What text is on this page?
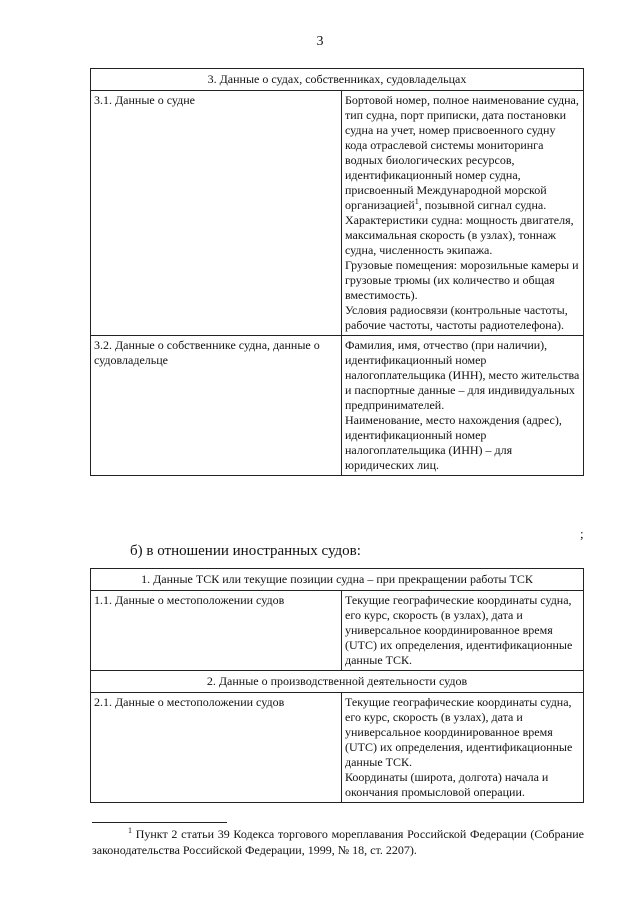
3
3. Данные о судах, собственниках, судовладельцах	
3.1. Данные о судне	Бортовой номер, полное наименование судна, тип судна, порт приписки, дата постановки судна на учет, номер присвоенного судну кода отраслевой системы мониторинга водных биологических ресурсов, идентификационный номер судна, присвоенный Международной морской организацией$^1$, позывной сигнал судна.
Характеристики судна: мощность двигателя, максимальная скорость (в узлах), тоннаж судна, численность экипажа.
Грузовые помещения: морозильные камеры и грузовые трюмы (их количество и общая вместимость).
Условия радиосвязи (контрольные частоты, рабочие частоты, частоты радиотелефона).

3.2. Данные о собственнике судна, данные о судовладельце	Фамилия, имя, отчество (при наличии), идентификационный номер налогоплательщика (ИНН), место жительства и паспортные данные – для индивидуальных предпринимателей.
Наименование, место нахождения (адрес), идентификационный номер налогоплательщика (ИНН) – для юридических лиц.
;
б) в отношении иностранных судов:
1. Данные ТСК или текущие позиции судна – при прекращении работы ТСК	
1.1. Данные о местоположении судов	Текущие географические координаты судна, его курс, скорость (в узлах), дата и универсальное координированное время (UTC) их определения, идентификационные данные ТСК.

2. Данные о производственной деятельности судов	
2.1. Данные о местоположении судов	Текущие географические координаты судна, его курс, скорость (в узлах), дата и универсальное координированное время (UTC) их определения, идентификационные данные ТСК.
Координаты (широта, долгота) начала и окончания промысловой операции.
$^1$ Пункт 2 статьи 39 Кодекса торгового мореплавания Российской Федерации (Собрание законодательства Российской Федерации, 1999, № 18, ст. 2207).
